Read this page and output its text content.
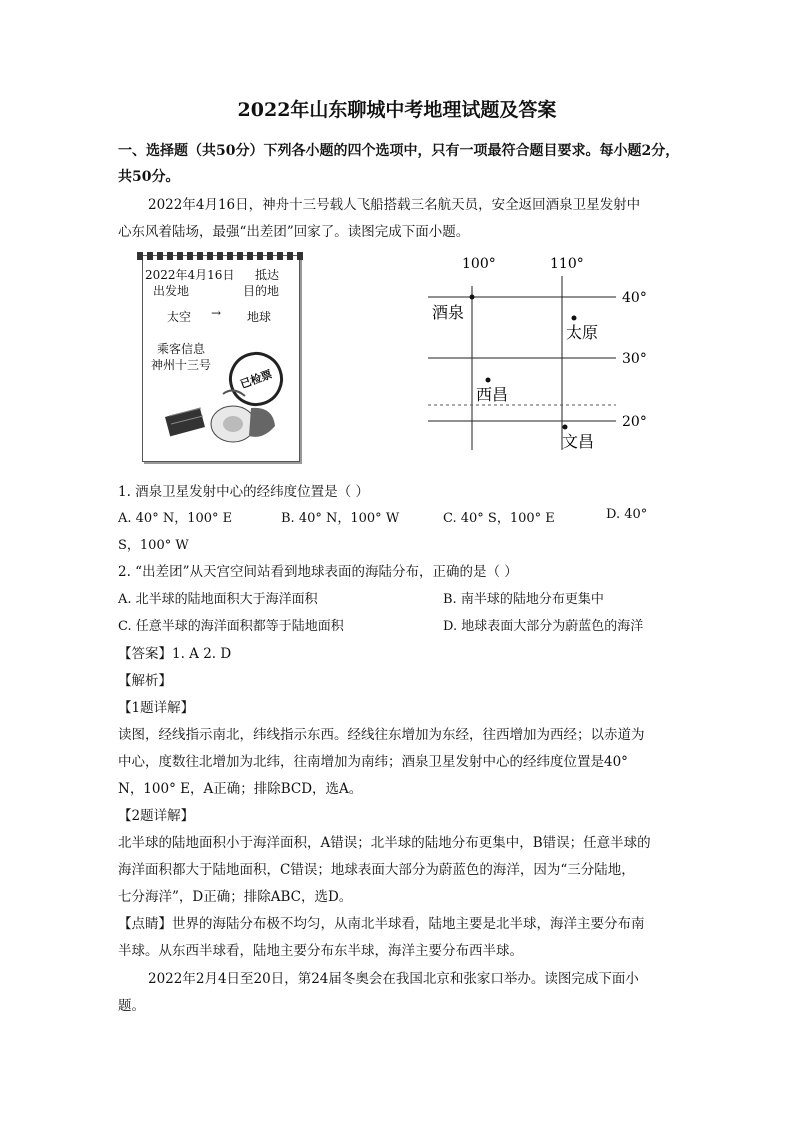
2022年山东聊城中考地理试题及答案
一、选择题（共50分）下列各小题的四个选项中，只有一项最符合题目要求。每小题2分，
共50分。
2022年4月16日，神舟十三号载人飞船搭载三名航天员，安全返回酒泉卫星发射中
心东风着陆场，最强“出差团”回家了。读图完成下面小题。
2022年4月16日 抵达
出发地	目的地
太空 → 地球
乘客信息
神州十三号
已检票
100°	110°
40°
30°
20°
酒泉
太原
西昌
文昌
1. 酒泉卫星发射中心的经纬度位置是（ ）
A. 40° N，100° E	B. 40° N，100° W	C. 40° S，100° E	D. 40°
S，100° W
2. “出差团”从天宫空间站看到地球表面的海陆分布，正确的是（ ）
A. 北半球的陆地面积大于海洋面积	B. 南半球的陆地分布更集中
C. 任意半球的海洋面积都等于陆地面积	D. 地球表面大部分为蔚蓝色的海洋
【答案】1. A 2. D
【解析】
【1题详解】
读图，经线指示南北，纬线指示东西。经线往东增加为东经，往西增加为西经；以赤道为
中心，度数往北增加为北纬，往南增加为南纬；酒泉卫星发射中心的经纬度位置是40°
N，100° E，A正确；排除BCD，选A。
【2题详解】
北半球的陆地面积小于海洋面积，A错误；北半球的陆地分布更集中，B错误；任意半球的
海洋面积都大于陆地面积，C错误；地球表面大部分为蔚蓝色的海洋，因为“三分陆地，
七分海洋”，D正确；排除ABC，选D。
【点睛】世界的海陆分布极不均匀，从南北半球看，陆地主要是北半球，海洋主要分布南
半球。从东西半球看，陆地主要分布东半球，海洋主要分布西半球。
2022年2月4日至20日，第24届冬奥会在我国北京和张家口举办。读图完成下面小
题。
